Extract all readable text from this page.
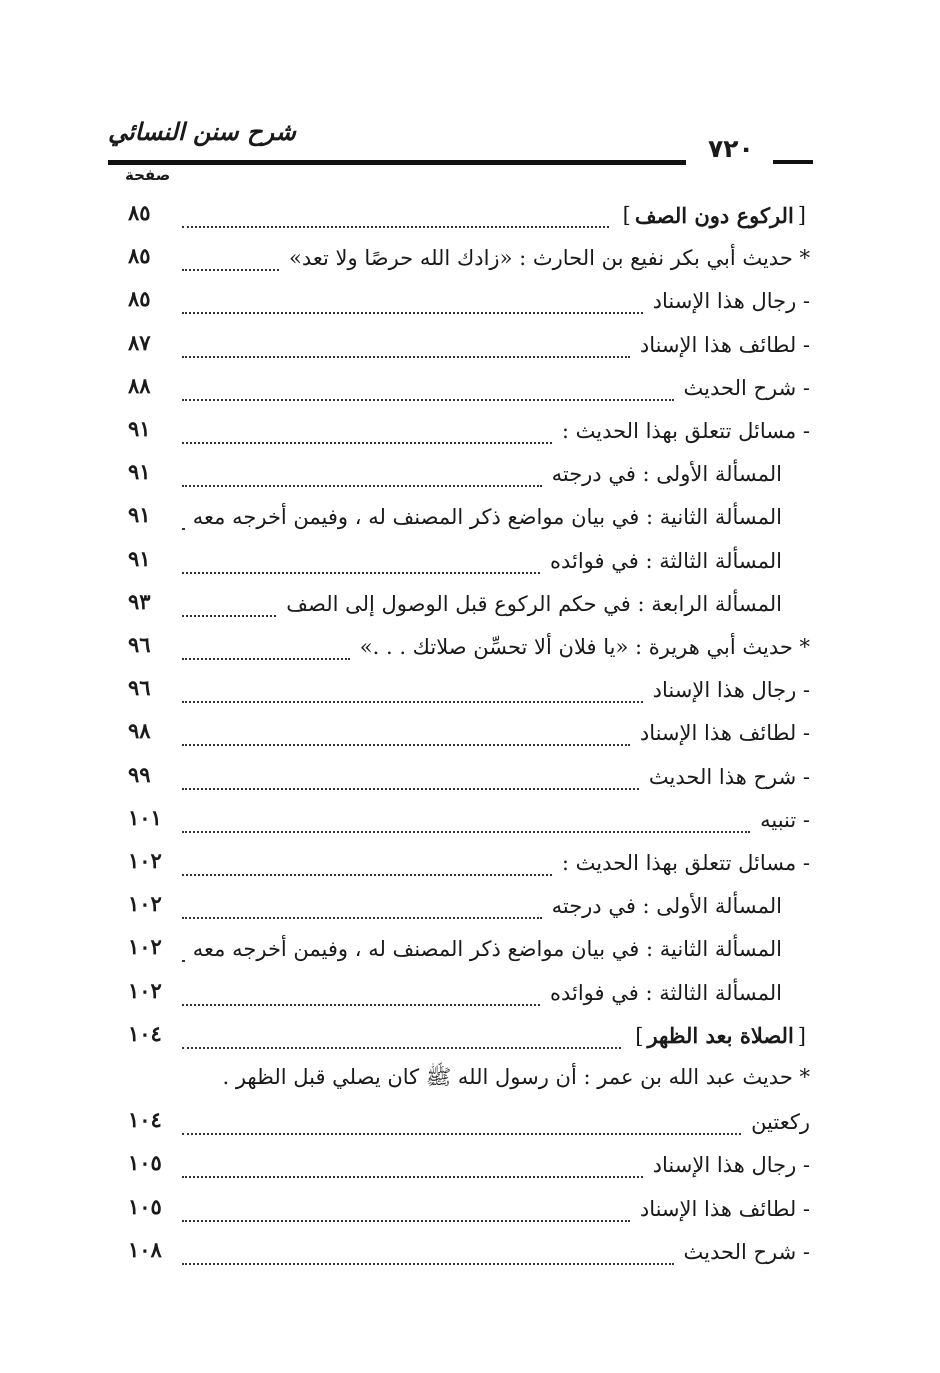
شرح سنن النسائي
٧٢٠
صفحة
[
الركوع دون الصف
]
٨٥
* حديث أبي بكر نفيع بن الحارث : «زادك الله حرصًا ولا تعد»
٨٥
- رجال هذا الإسناد
٨٥
- لطائف هذا الإسناد
٨٧
- شرح الحديث
٨٨
- مسائل تتعلق بهذا الحديث :
٩١
المسألة الأولى : في درجته
٩١
المسألة الثانية : في بيان مواضع ذكر المصنف له ، وفيمن أخرجه معه
٩١
المسألة الثالثة : في فوائده
٩١
المسألة الرابعة : في حكم الركوع قبل الوصول إلى الصف
٩٣
* حديث أبي هريرة : «يا فلان ألا تحسِّن صلاتك . . .»
٩٦
- رجال هذا الإسناد
٩٦
- لطائف هذا الإسناد
٩٨
- شرح هذا الحديث
٩٩
- تنبيه
١٠١
- مسائل تتعلق بهذا الحديث :
١٠٢
المسألة الأولى : في درجته
١٠٢
المسألة الثانية : في بيان مواضع ذكر المصنف له ، وفيمن أخرجه معه
١٠٢
المسألة الثالثة : في فوائده
١٠٢
[
الصلاة بعد الظهر
]
١٠٤
* حديث عبد الله بن عمر : أن رسول الله ﷺ كان يصلي قبل الظهر .
ركعتين
١٠٤
- رجال هذا الإسناد
١٠٥
- لطائف هذا الإسناد
١٠٥
- شرح الحديث
١٠٨
